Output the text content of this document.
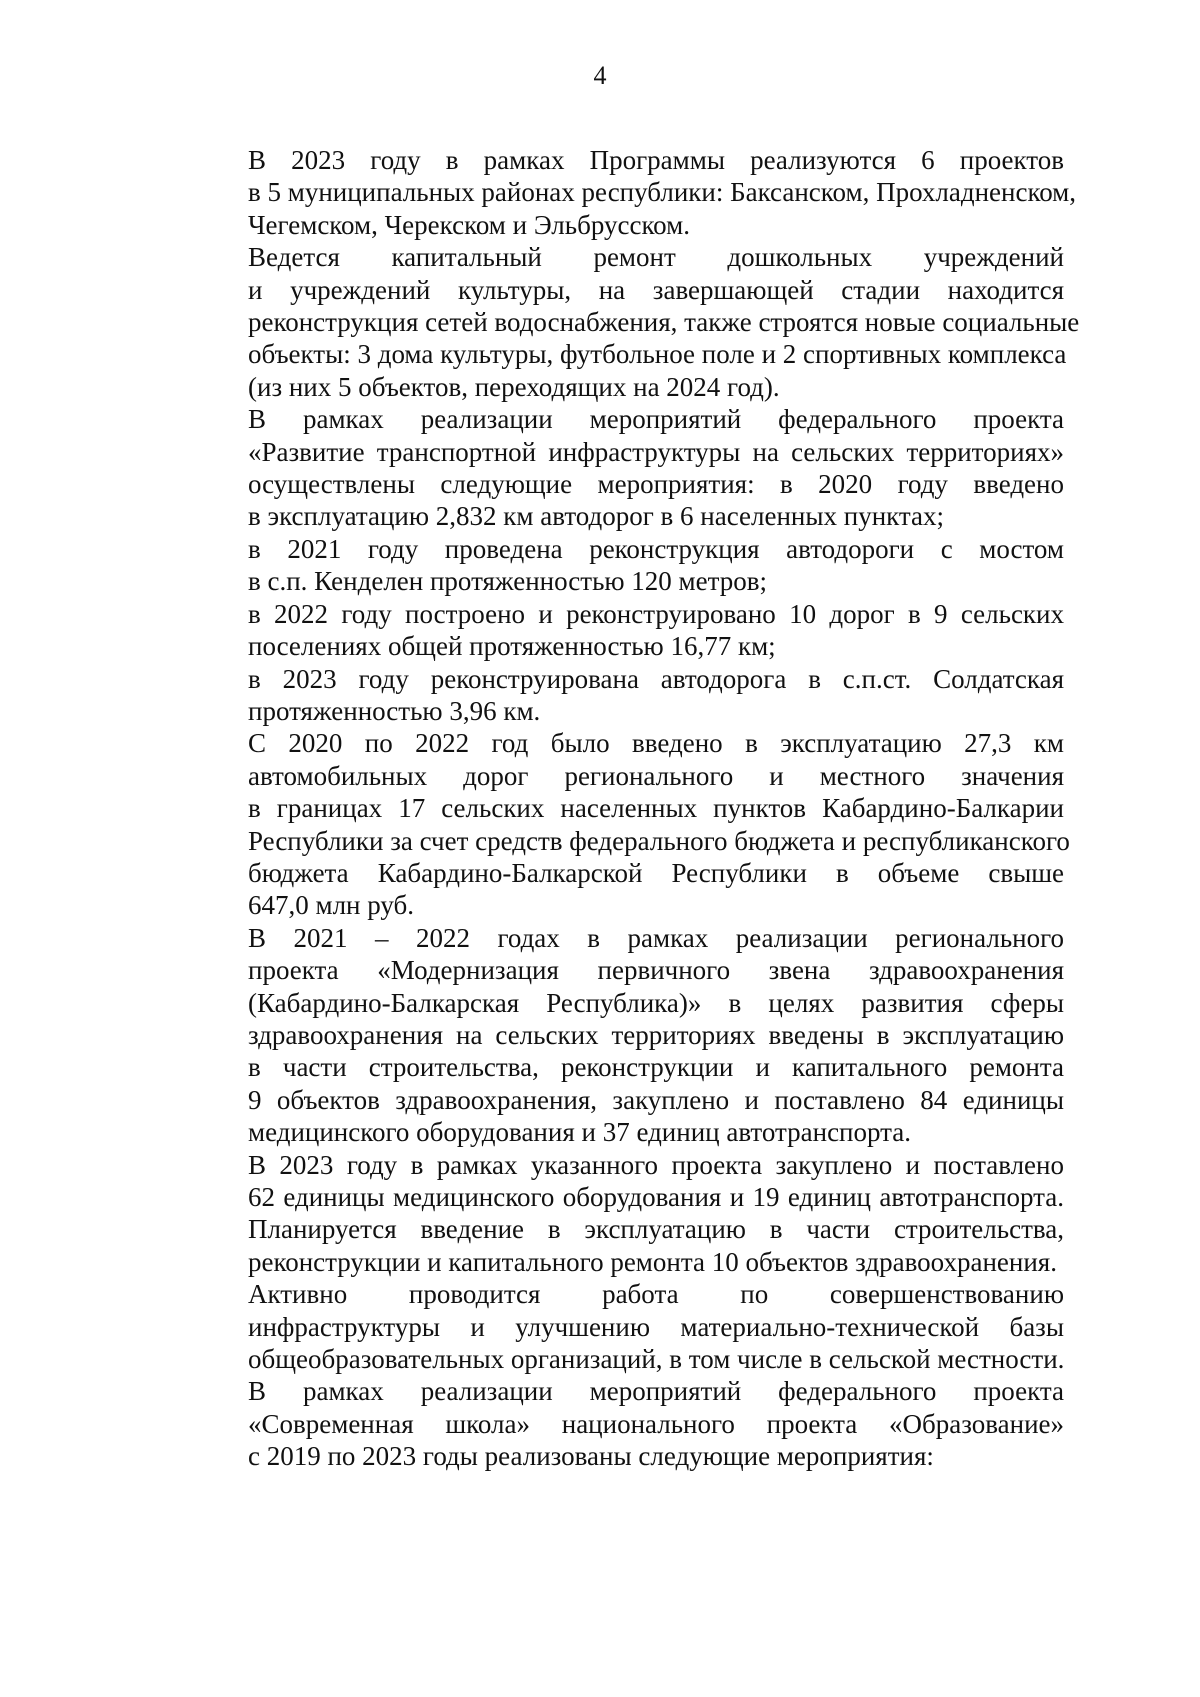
4

В 2023 году в рамках Программы реализуются 6 проектов
в 5 муниципальных районах республики: Баксанском, Прохладненском,
Чегемском, Черекском и Эльбрусском.

Ведется капитальный ремонт дошкольных учреждений
и учреждений культуры, на завершающей стадии находится
реконструкция сетей водоснабжения, также строятся новые социальные
объекты: 3 дома культуры, футбольное поле и 2 спортивных комплекса
(из них 5 объектов, переходящих на 2024 год).

В рамках реализации мероприятий федерального проекта
«Развитие транспортной инфраструктуры на сельских территориях»
осуществлены следующие мероприятия: в 2020 году введено
в эксплуатацию 2,832 км автодорог в 6 населенных пунктах;

в 2021 году проведена реконструкция автодороги с мостом
в с.п. Кенделен протяженностью 120 метров;

в 2022 году построено и реконструировано 10 дорог в 9 сельских
поселениях общей протяженностью 16,77 км;

в 2023 году реконструирована автодорога в с.п.ст. Солдатская
протяженностью 3,96 км.

С 2020 по 2022 год было введено в эксплуатацию 27,3 км
автомобильных дорог регионального и местного значения
в границах 17 сельских населенных пунктов Кабардино-Балкарии
Республики за счет средств федерального бюджета и республиканского
бюджета Кабардино-Балкарской Республики в объеме свыше
647,0 млн руб.

В 2021 – 2022 годах в рамках реализации регионального
проекта «Модернизация первичного звена здравоохранения
(Кабардино-Балкарская Республика)» в целях развития сферы
здравоохранения на сельских территориях введены в эксплуатацию
в части строительства, реконструкции и капитального ремонта
9 объектов здравоохранения, закуплено и поставлено 84 единицы
медицинского оборудования и 37 единиц автотранспорта.

В 2023 году в рамках указанного проекта закуплено и поставлено
62 единицы медицинского оборудования и 19 единиц автотранспорта.
Планируется введение в эксплуатацию в части строительства,
реконструкции и капитального ремонта 10 объектов здравоохранения.

Активно проводится работа по совершенствованию
инфраструктуры и улучшению материально-технической базы
общеобразовательных организаций, в том числе в сельской местности.

В рамках реализации мероприятий федерального проекта
«Современная школа» национального проекта «Образование»
с 2019 по 2023 годы реализованы следующие мероприятия:
